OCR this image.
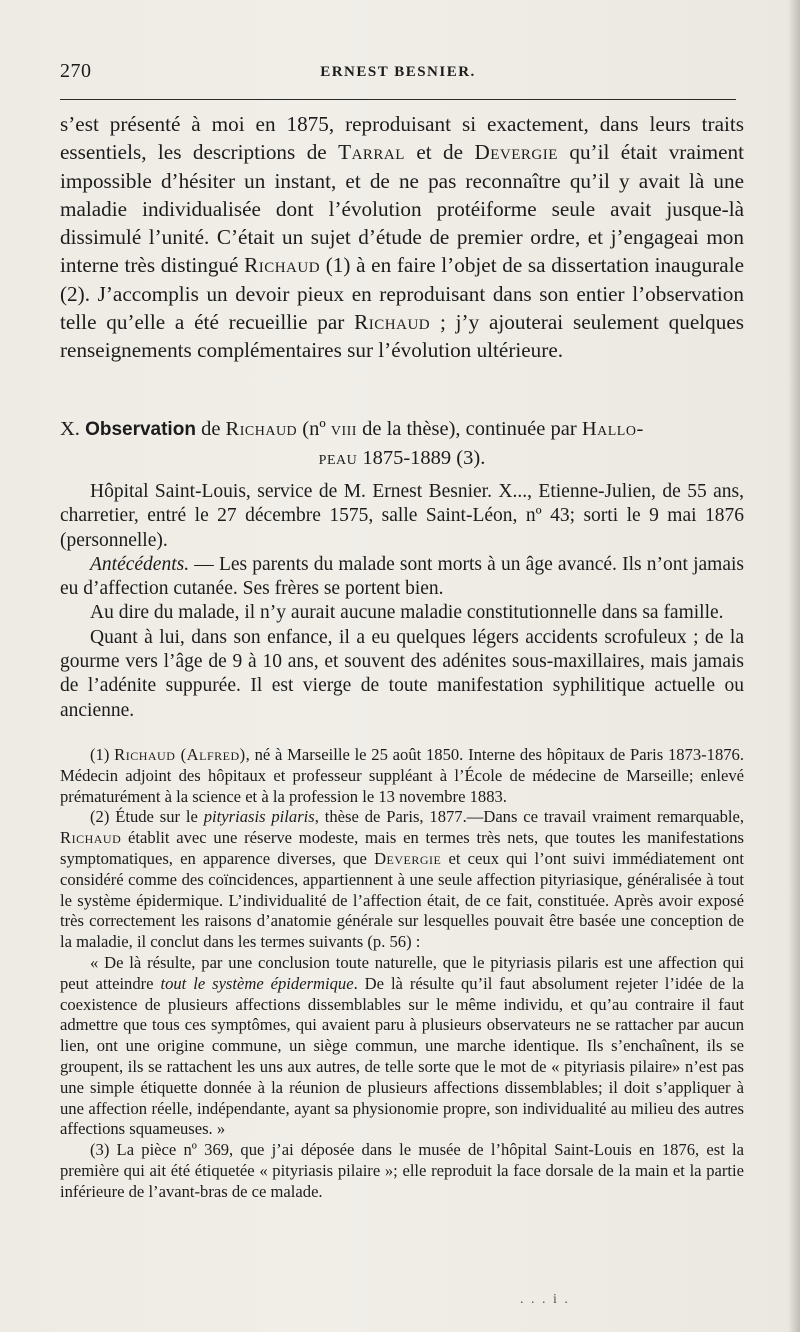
270	ERNEST BESNIER.

s’est présenté à moi en 1875, reproduisant si exactement, dans leurs traits essentiels, les descriptions de Tarral et de Devergie qu’il était vraiment impossible d’hésiter un instant, et de ne pas reconnaître qu’il y avait là une maladie individualisée dont l’évolution protéiforme seule avait jusque-là dissimulé l’unité. C’était un sujet d’étude de premier ordre, et j’engageai mon interne très distingué Richaud (1) à en faire l’objet de sa dissertation inaugurale (2). J’accomplis un devoir pieux en reproduisant dans son entier l’observation telle qu’elle a été recueillie par Richaud ; j’y ajouterai seulement quelques renseignements complémentaires sur l’évolution ultérieure.

X. Observation de Richaud (nº viii de la thèse), continuée par Hallo-
peau 1875-1889 (3).

Hôpital Saint-Louis, service de M. Ernest Besnier. X..., Etienne-Julien, de 55 ans, charretier, entré le 27 décembre 1575, salle Saint-Léon, nº 43; sorti le 9 mai 1876 (personnelle).

Antécédents. — Les parents du malade sont morts à un âge avancé. Ils n’ont jamais eu d’affection cutanée. Ses frères se portent bien.

Au dire du malade, il n’y aurait aucune maladie constitutionnelle dans sa famille.

Quant à lui, dans son enfance, il a eu quelques légers accidents scrofuleux ; de la gourme vers l’âge de 9 à 10 ans, et souvent des adénites sous-maxillaires, mais jamais de l’adénite suppurée. Il est vierge de toute manifestation syphilitique actuelle ou ancienne.

(1) Richaud (Alfred), né à Marseille le 25 août 1850. Interne des hôpitaux de Paris 1873-1876. Médecin adjoint des hôpitaux et professeur suppléant à l’École de médecine de Marseille; enlevé prématurément à la science et à la profession le 13 novembre 1883.

(2) Étude sur le pityriasis pilaris, thèse de Paris, 1877.—Dans ce travail vraiment remarquable, Richaud établit avec une réserve modeste, mais en termes très nets, que toutes les manifestations symptomatiques, en apparence diverses, que Devergie et ceux qui l’ont suivi immédiatement ont considéré comme des coïncidences, appartiennent à une seule affection pityriasique, généralisée à tout le système épidermique. L’individualité de l’affection était, de ce fait, constituée. Après avoir exposé très correctement les raisons d’anatomie générale sur lesquelles pouvait être basée une conception de la maladie, il conclut dans les termes suivants (p. 56) :

« De là résulte, par une conclusion toute naturelle, que le pityriasis pilaris est une affection qui peut atteindre tout le système épidermique. De là résulte qu’il faut absolument rejeter l’idée de la coexistence de plusieurs affections dissemblables sur le même individu, et qu’au contraire il faut admettre que tous ces symptômes, qui avaient paru à plusieurs observateurs ne se rattacher par aucun lien, ont une origine commune, un siège commun, une marche identique. Ils s’enchaînent, ils se groupent, ils se rattachent les uns aux autres, de telle sorte que le mot de « pityriasis pilaire» n’est pas une simple étiquette donnée à la réunion de plusieurs affections dissemblables; il doit s’appliquer à une affection réelle, indépendante, ayant sa physionomie propre, son individualité au milieu des autres affections squameuses. »

(3) La pièce nº 369, que j’ai déposée dans le musée de l’hôpital Saint-Louis en 1876, est la première qui ait été étiquetée « pityriasis pilaire »; elle reproduit la face dorsale de la main et la partie inférieure de l’avant-bras de ce malade.

. . . i .
